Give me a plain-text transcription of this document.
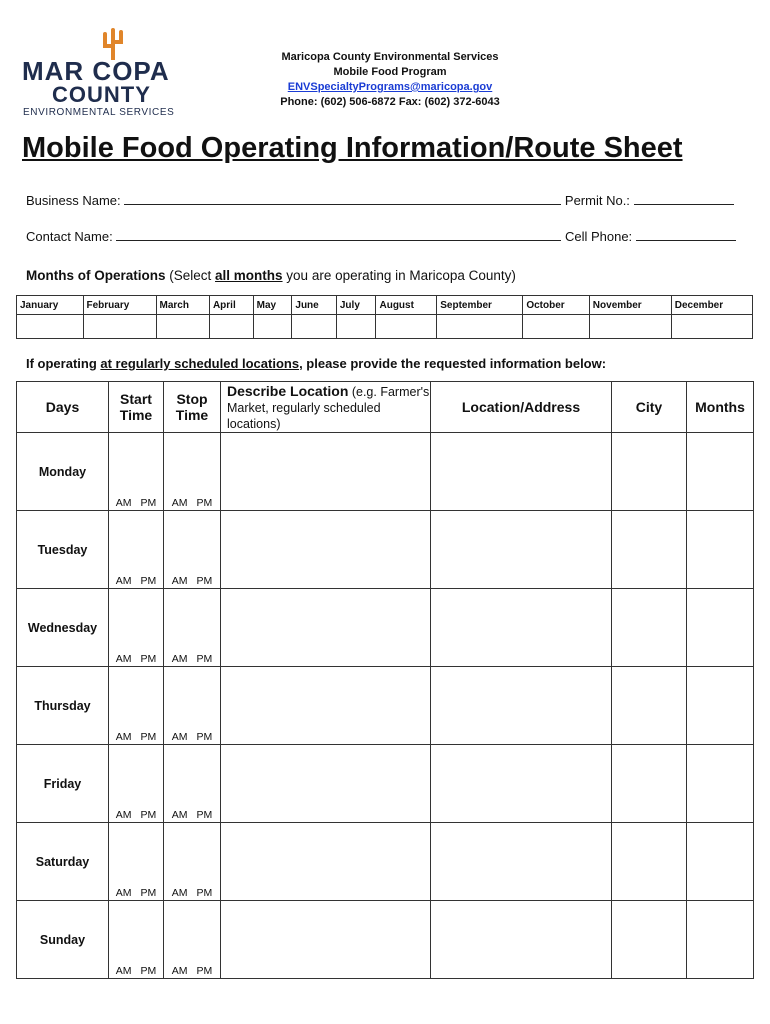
MAR COPA
COUNTY
ENVIRONMENTAL SERVICES
Maricopa County Environmental Services
Mobile Food Program
ENVSpecialtyPrograms@maricopa.gov
Phone: (602) 506-6872 Fax: (602) 372-6043
Mobile Food Operating Information/Route Sheet
Business Name:	Permit No.:
Contact Name:	Cell Phone:
Months of Operations (Select all months you are operating in Maricopa County)
January	February	March	April	May	June	July	August	September	October	November	December

If operating at regularly scheduled locations, please provide the requested information below:
Days	Start Time	Stop Time	Describe Location (e.g. Farmer's Market, regularly scheduled locations)	Location/Address	City	Months
Monday	AM PM	AM PM				

Tuesday	AM PM	AM PM				

Wednesday	AM PM	AM PM				

Thursday	AM PM	AM PM				

Friday	AM PM	AM PM				

Saturday	AM PM	AM PM				

Sunday	AM PM	AM PM				
